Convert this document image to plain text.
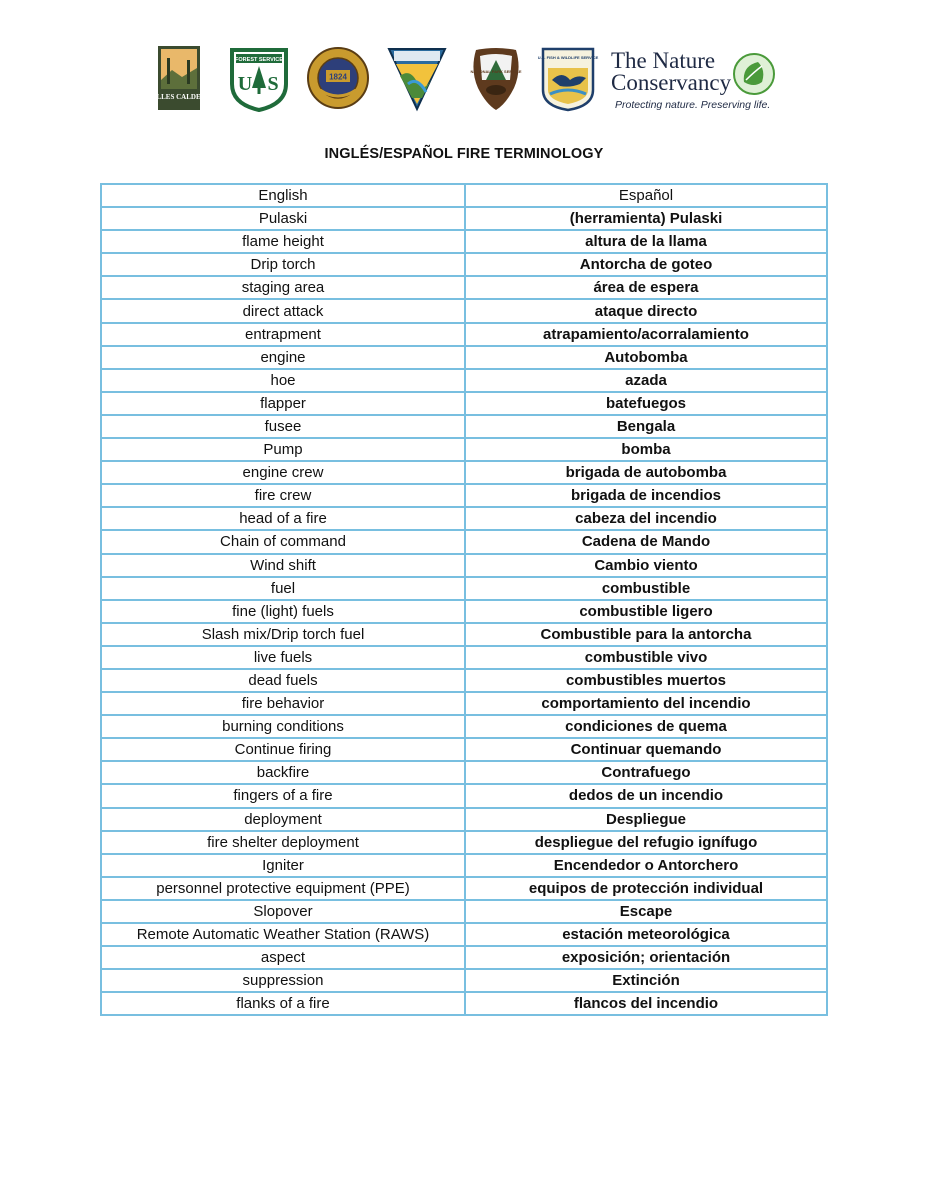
VALLES CALDERA
FOREST SERVICE
U S	1824
NATIONAL PARK SERVICE
U.S. FISH & WILDLIFE SERVICE The Nature
Conservancy
Protecting nature. Preserving life.
INGLÉS/ESPAÑOL FIRE TERMINOLOGY
English	Español
Pulaski	(herramienta) Pulaski
flame height	altura de la llama
Drip torch	Antorcha de goteo
staging area	área de espera
direct attack	ataque directo
entrapment	atrapamiento/acorralamiento
engine	Autobomba
hoe	azada
flapper	batefuegos
fusee	Bengala
Pump	bomba
engine crew	brigada de autobomba
fire crew	brigada de incendios
head of a fire	cabeza del incendio
Chain of command	Cadena de Mando
Wind shift	Cambio viento
fuel	combustible
fine (light) fuels	combustible ligero
Slash mix/Drip torch fuel	Combustible para la antorcha
live fuels	combustible vivo
dead fuels	combustibles muertos
fire behavior	comportamiento del incendio
burning conditions	condiciones de quema
Continue firing	Continuar quemando
backfire	Contrafuego
fingers of a fire	dedos de un incendio
deployment	Despliegue
fire shelter deployment	despliegue del refugio ignífugo
Igniter	Encendedor o Antorchero
personnel protective equipment (PPE)	equipos de protección individual
Slopover	Escape
Remote Automatic Weather Station (RAWS)	estación meteorológica
aspect	exposición; orientación
suppression	Extinción
flanks of a fire	flancos del incendio
